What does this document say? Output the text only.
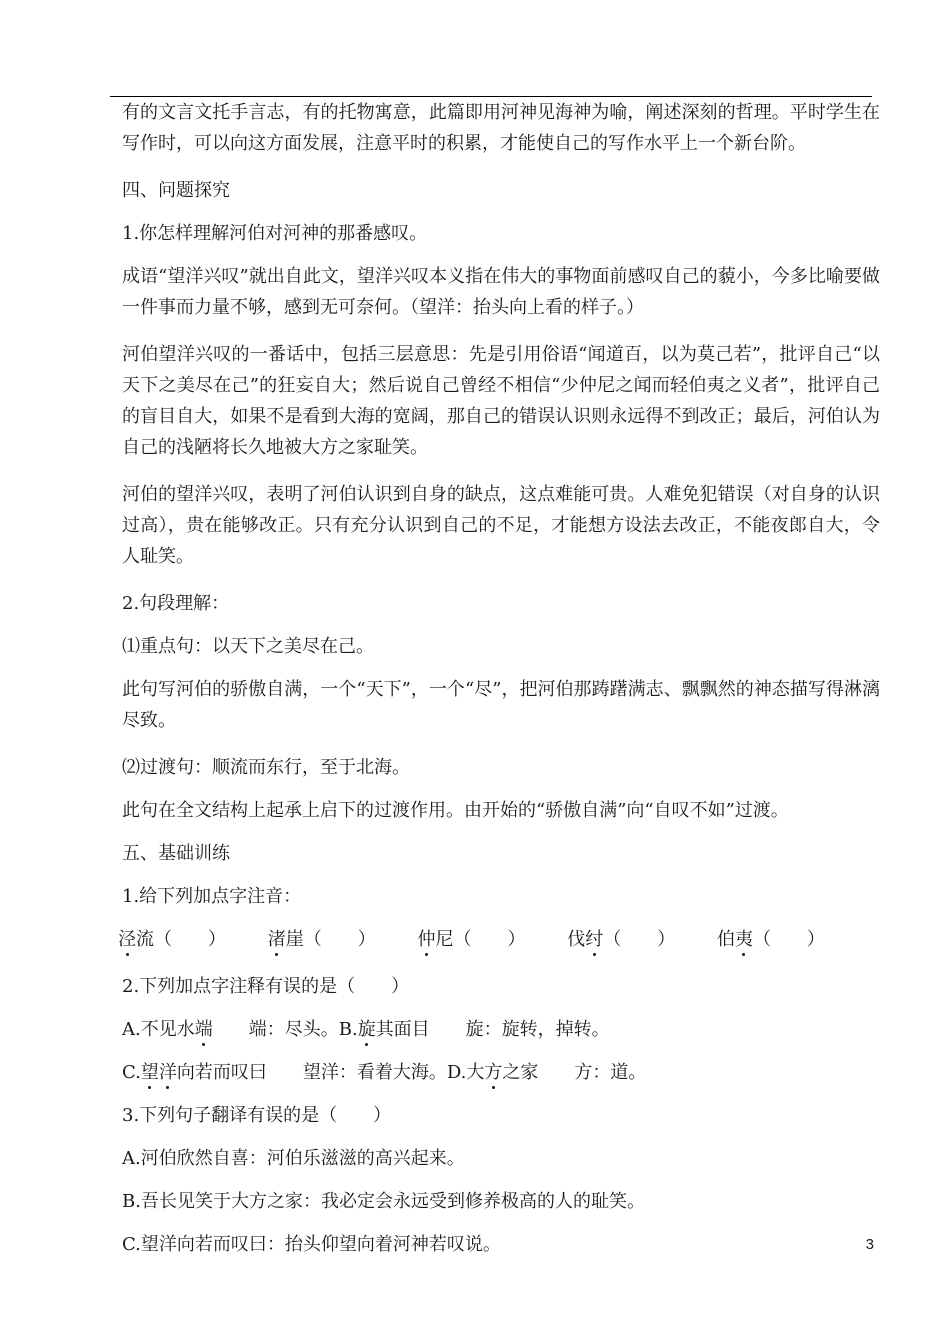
有的文言文托手言志，有的托物寓意，此篇即用河神见海神为喻，阐述深刻的哲理。平时学生在写作时，可以向这方面发展，注意平时的积累，才能使自己的写作水平上一个新台阶。

四、问题探究

1.你怎样理解河伯对河神的那番感叹。

成语“望洋兴叹”就出自此文，望洋兴叹本义指在伟大的事物面前感叹自己的藐小，今多比喻要做一件事而力量不够，感到无可奈何。（望洋：抬头向上看的样子。）

河伯望洋兴叹的一番话中，包括三层意思：先是引用俗语“闻道百，以为莫己若”，批评自己“以天下之美尽在己”的狂妄自大；然后说自己曾经不相信“少仲尼之闻而轻伯夷之义者”，批评自己的盲目自大，如果不是看到大海的宽阔，那自己的错误认识则永远得不到改正；最后，河伯认为自己的浅陋将长久地被大方之家耻笑。

河伯的望洋兴叹，表明了河伯认识到自身的缺点，这点难能可贵。人难免犯错误（对自身的认识过高），贵在能够改正。只有充分认识到自己的不足，才能想方设法去改正，不能夜郎自大，令人耻笑。

2.句段理解：

⑴重点句：以天下之美尽在己。

此句写河伯的骄傲自满，一个“天下”，一个“尽”，把河伯那踌躇满志、飘飘然的神态描写得淋漓尽致。

⑵过渡句：顺流而东行，至于北海。

此句在全文结构上起承上启下的过渡作用。由开始的“骄傲自满”向“自叹不如”过渡。

五、基础训练

1.给下列加点字注音：

泾流（　　） 渚崖（　　） 仲尼（　　） 伐纣（　　） 伯夷（　　）

2.下列加点字注释有误的是（　　）

A.不见水端　　端：尽头。B.旋其面目　　旋：旋转，掉转。

C.望洋向若而叹曰　　望洋：看着大海。D.大方之家　　方：道。

3.下列句子翻译有误的是（　　）

A.河伯欣然自喜：河伯乐滋滋的高兴起来。

B.吾长见笑于大方之家：我必定会永远受到修养极高的人的耻笑。

C.望洋向若而叹曰：抬头仰望向着河神若叹说。	3
